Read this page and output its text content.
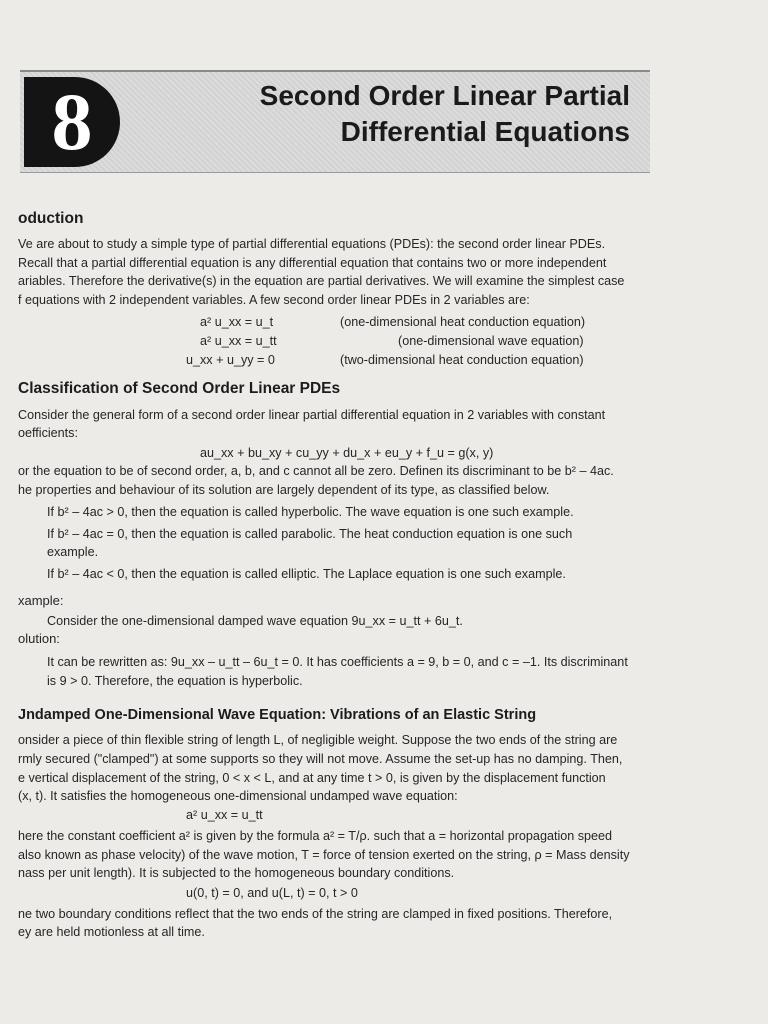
8	Second Order Linear Partial
Differential Equations
oduction
Ve are about to study a simple type of partial differential equations (PDEs): the second order linear PDEs.
Recall that a partial differential equation is any differential equation that contains two or more independent
ariables. Therefore the derivative(s) in the equation are partial derivatives. We will examine the simplest case
f equations with 2 independent variables. A few second order linear PDEs in 2 variables are:
a² u_xx = u_t	(one-dimensional heat conduction equation)
a² u_xx = u_tt	(one-dimensional wave equation)
u_xx + u_yy = 0	(two-dimensional heat conduction equation)
Classification of Second Order Linear PDEs
Consider the general form of a second order linear partial differential equation in 2 variables with constant
oefficients:
au_xx + bu_xy + cu_yy + du_x + eu_y + f_u = g(x, y)
or the equation to be of second order, a, b, and c cannot all be zero. Definen its discriminant to be b² – 4ac.
he properties and behaviour of its solution are largely dependent of its type, as classified below.
If b² – 4ac > 0, then the equation is called hyperbolic. The wave equation is one such example.
If b² – 4ac = 0, then the equation is called parabolic. The heat conduction equation is one such
example.
If b² – 4ac < 0, then the equation is called elliptic. The Laplace equation is one such example.
xample:
Consider the one-dimensional damped wave equation 9u_xx = u_tt + 6u_t.
olution:
It can be rewritten as: 9u_xx – u_tt – 6u_t = 0. It has coefficients a = 9, b = 0, and c = –1. Its discriminant
is 9 > 0. Therefore, the equation is hyperbolic.
Jndamped One-Dimensional Wave Equation: Vibrations of an Elastic String
onsider a piece of thin flexible string of length L, of negligible weight. Suppose the two ends of the string are
rmly secured ("clamped") at some supports so they will not move. Assume the set-up has no damping. Then,
e vertical displacement of the string, 0 < x < L, and at any time t > 0, is given by the displacement function
(x, t). It satisfies the homogeneous one-dimensional undamped wave equation:
a² u_xx = u_tt
here the constant coefficient a² is given by the formula a² = T/ρ. such that a = horizontal propagation speed
also known as phase velocity) of the wave motion, T = force of tension exerted on the string, ρ = Mass density
nass per unit length). It is subjected to the homogeneous boundary conditions.
u(0, t) = 0, and u(L, t) = 0, t > 0
ne two boundary conditions reflect that the two ends of the string are clamped in fixed positions. Therefore,
ey are held motionless at all time.
